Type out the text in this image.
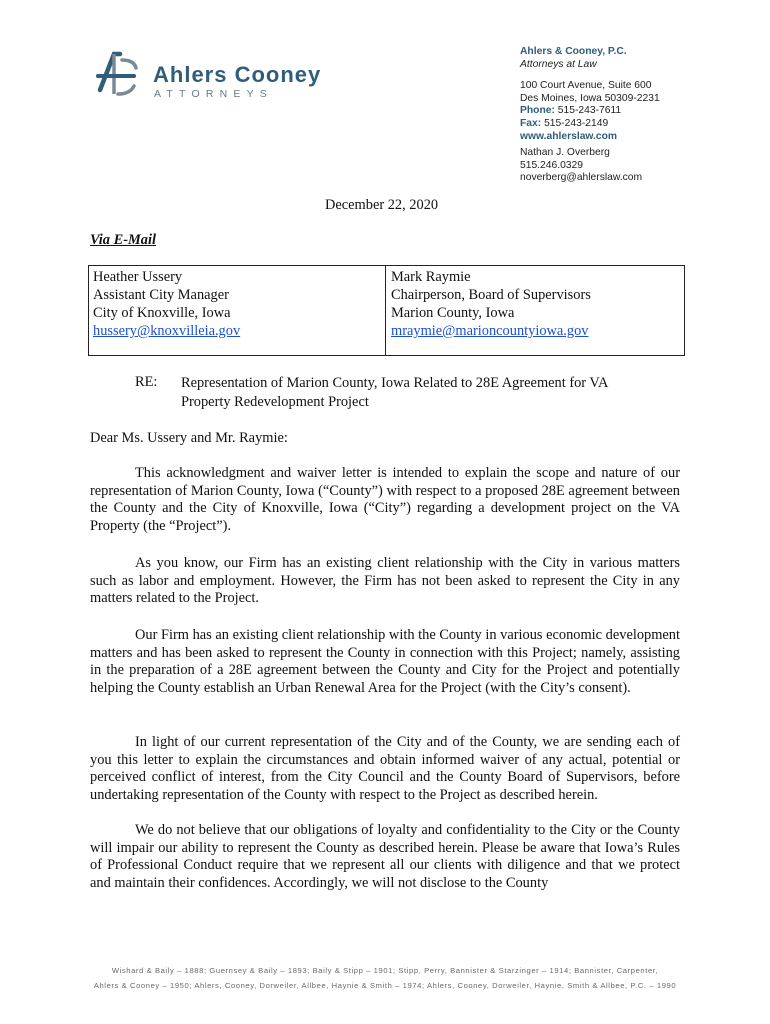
Ahlers Cooney
ATTORNEYS
Ahlers & Cooney, P.C.
Attorneys at Law
100 Court Avenue, Suite 600
Des Moines, Iowa 50309-2231
Phone: 515-243-7611
Fax: 515-243-2149
www.ahlerslaw.com
Nathan J. Overberg
515.246.0329
noverberg@ahlerslaw.com
December 22, 2020
Via E-Mail
Heather Ussery
Assistant City Manager
City of Knoxville, Iowa
hussery@knoxvilleia.gov
Mark Raymie
Chairperson, Board of Supervisors
Marion County, Iowa
mraymie@marioncountyiowa.gov
RE: Representation of Marion County, Iowa Related to 28E Agreement for VA Property Redevelopment Project
Dear Ms. Ussery and Mr. Raymie:

This acknowledgment and waiver letter is intended to explain the scope and nature of our representation of Marion County, Iowa (“County”) with respect to a proposed 28E agreement between the County and the City of Knoxville, Iowa (“City”) regarding a development project on the VA Property (the “Project”).

As you know, our Firm has an existing client relationship with the City in various matters such as labor and employment. However, the Firm has not been asked to represent the City in any matters related to the Project.

Our Firm has an existing client relationship with the County in various economic development matters and has been asked to represent the County in connection with this Project; namely, assisting in the preparation of a 28E agreement between the County and City for the Project and potentially helping the County establish an Urban Renewal Area for the Project (with the City’s consent).

In light of our current representation of the City and of the County, we are sending each of you this letter to explain the circumstances and obtain informed waiver of any actual, potential or perceived conflict of interest, from the City Council and the County Board of Supervisors, before undertaking representation of the County with respect to the Project as described herein.

We do not believe that our obligations of loyalty and confidentiality to the City or the County will impair our ability to represent the County as described herein. Please be aware that Iowa’s Rules of Professional Conduct require that we represent all our clients with diligence and that we protect and maintain their confidences. Accordingly, we will not disclose to the County

Wishard & Baily – 1888; Guernsey & Baily – 1893; Baily & Stipp – 1901; Stipp, Perry, Bannister & Starzinger – 1914; Bannister, Carpenter,
Ahlers & Cooney – 1950; Ahlers, Cooney, Dorweiler, Allbee, Haynie & Smith – 1974; Ahlers, Cooney, Dorweiler, Haynie, Smith & Allbee, P.C. – 1990
